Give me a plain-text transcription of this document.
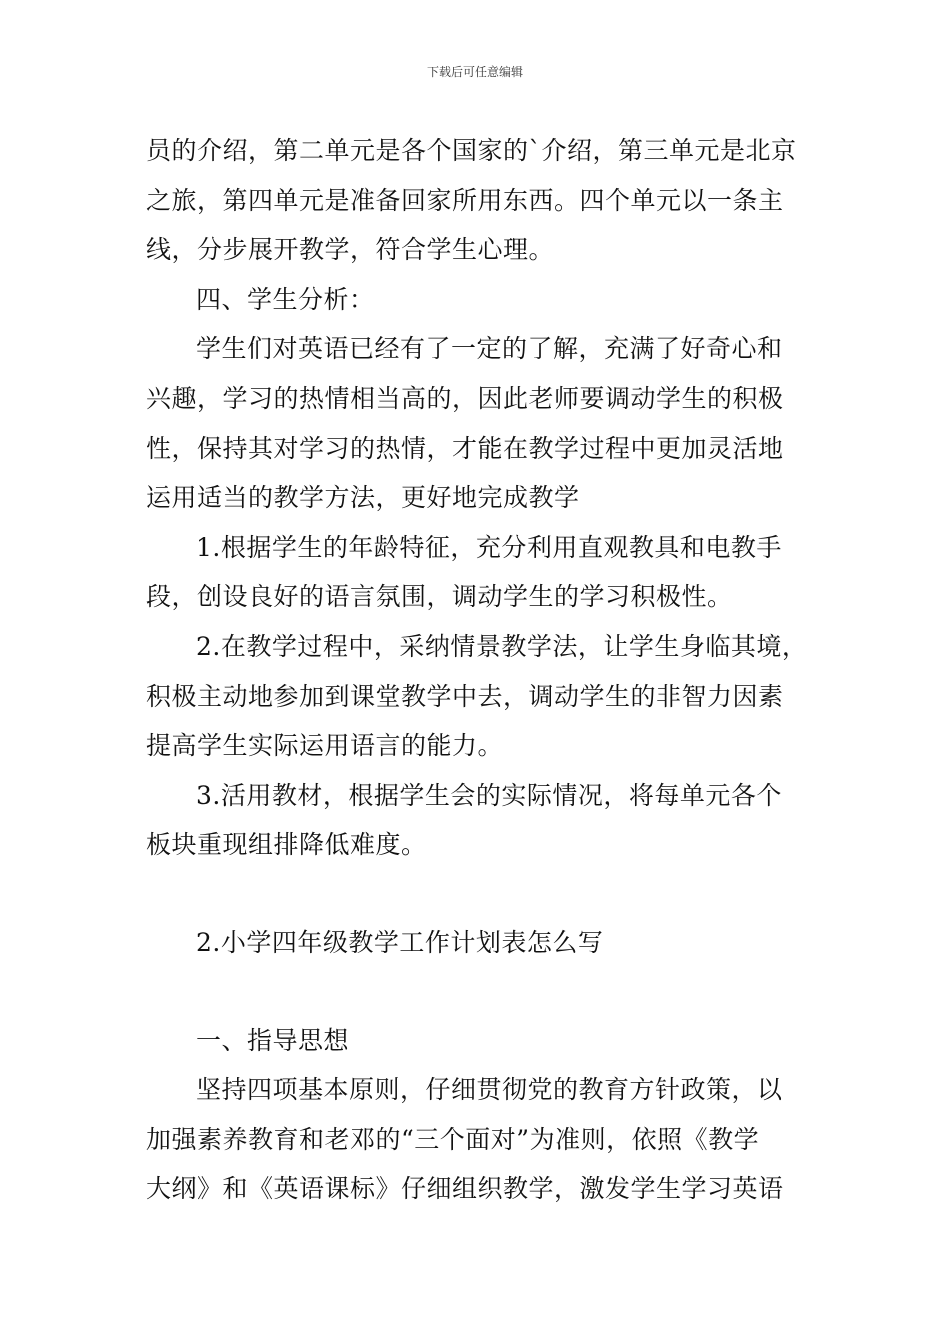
下载后可任意编辑
员的介绍，第二单元是各个国家的`介绍，第三单元是北京
之旅，第四单元是准备回家所用东西。四个单元以一条主
线，分步展开教学，符合学生心理。
四、学生分析：
学生们对英语已经有了一定的了解，充满了好奇心和
兴趣，学习的热情相当高的，因此老师要调动学生的积极
性，保持其对学习的热情，才能在教学过程中更加灵活地
运用适当的教学方法，更好地完成教学
1.根据学生的年龄特征，充分利用直观教具和电教手
段，创设良好的语言氛围，调动学生的学习积极性。
2.在教学过程中，采纳情景教学法，让学生身临其境，
积极主动地参加到课堂教学中去，调动学生的非智力因素
提高学生实际运用语言的能力。
3.活用教材，根据学生会的实际情况，将每单元各个
板块重现组排降低难度。
2.小学四年级教学工作计划表怎么写
一、指导思想
坚持四项基本原则，仔细贯彻党的教育方针政策，以
加强素养教育和老邓的“三个面对”为准则，依照《教学
大纲》和《英语课标》仔细组织教学，激发学生学习英语
